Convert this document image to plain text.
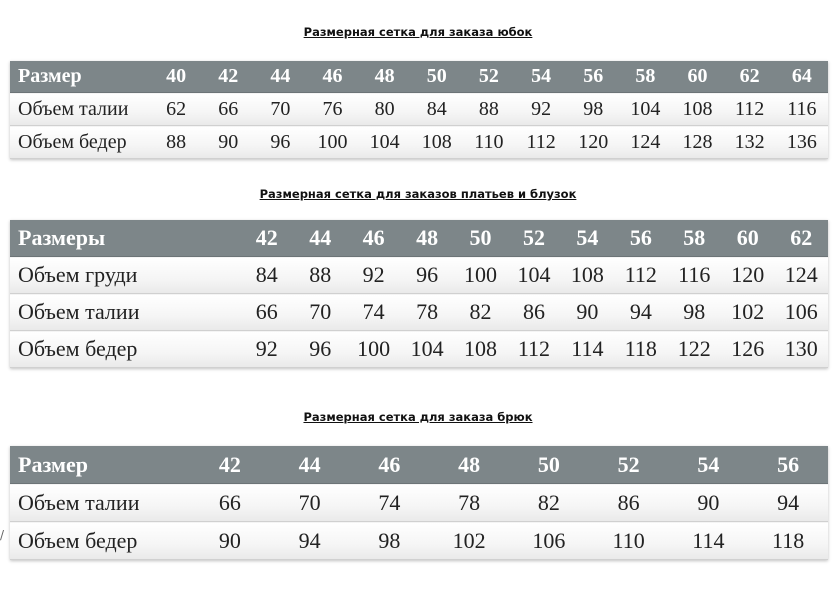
Размерная сетка для заказа юбок
Размер	40	42	44	46	48	50	52	54	56	58	60	62	64
Объем талии	62	66	70	76	80	84	88	92	98	104	108	112	116
Объем бедер	88	90	96	100	104	108	110	112	120	124	128	132	136
Размерная сетка для заказов платьев и блузок
Размеры	42	44	46	48	50	52	54	56	58	60	62
Объем груди	84	88	92	96	100	104	108	112	116	120	124
Объем талии	66	70	74	78	82	86	90	94	98	102	106
Объем бедер	92	96	100	104	108	112	114	118	122	126	130
Размерная сетка для заказа брюк
Размер	42	44	46	48	50	52	54	56
Объем талии	66	70	74	78	82	86	90	94
Объем бедер	90	94	98	102	106	110	114	118
/
